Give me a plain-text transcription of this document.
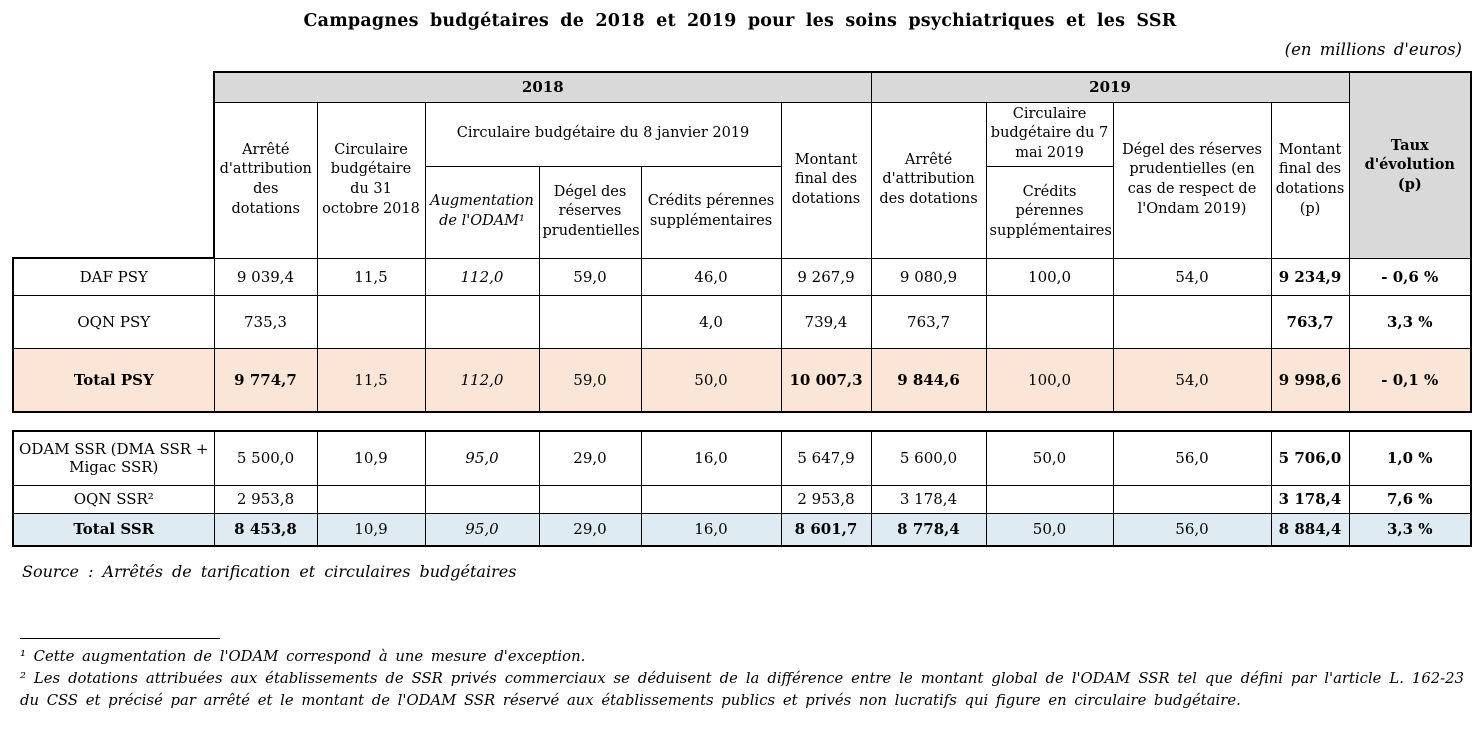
Campagnes budgétaires de 2018 et 2019 pour les soins psychiatriques et les SSR
(en millions d'euros)
	2018						2019				Taux d'évolution (p)
	Arrêté d'attribution des dotations	Circulaire budgétaire du 31 octobre 2018	Circulaire budgétaire du 8 janvier 2019			Montant final des dotations	Arrêté d'attribution des dotations	Circulaire budgétaire du 7 mai 2019	Dégel des réserves prudentielles (en cas de respect de l'Ondam 2019)	Montant final des dotations (p)	
			Augmentation de l'ODAM¹	Dégel des réserves prudentielles	Crédits pérennes supplémentaires			Crédits pérennes supplémentaires			
DAF PSY	9 039,4	11,5	112,0	59,0	46,0	9 267,9	9 080,9	100,0	54,0	9 234,9	- 0,6 %
OQN PSY	735,3				4,0	739,4	763,7			763,7	3,3 %
Total PSY	9 774,7	11,5	112,0	59,0	50,0	10 007,3	9 844,6	100,0	54,0	9 998,6	- 0,1 %
ODAM SSR (DMA SSR + Migac SSR)	5 500,0	10,9	95,0	29,0	16,0	5 647,9	5 600,0	50,0	56,0	5 706,0	1,0 %
OQN SSR²	2 953,8					2 953,8	3 178,4			3 178,4	7,6 %
Total SSR	8 453,8	10,9	95,0	29,0	16,0	8 601,7	8 778,4	50,0	56,0	8 884,4	3,3 %
Source : Arrêtés de tarification et circulaires budgétaires
¹ Cette augmentation de l'ODAM correspond à une mesure d'exception.
² Les dotations attribuées aux établissements de SSR privés commerciaux se déduisent de la différence entre le montant global de l'ODAM SSR tel que défini par l'article L. 162-23 du CSS et précisé par arrêté et le montant de l'ODAM SSR réservé aux établissements publics et privés non lucratifs qui figure en circulaire budgétaire.
